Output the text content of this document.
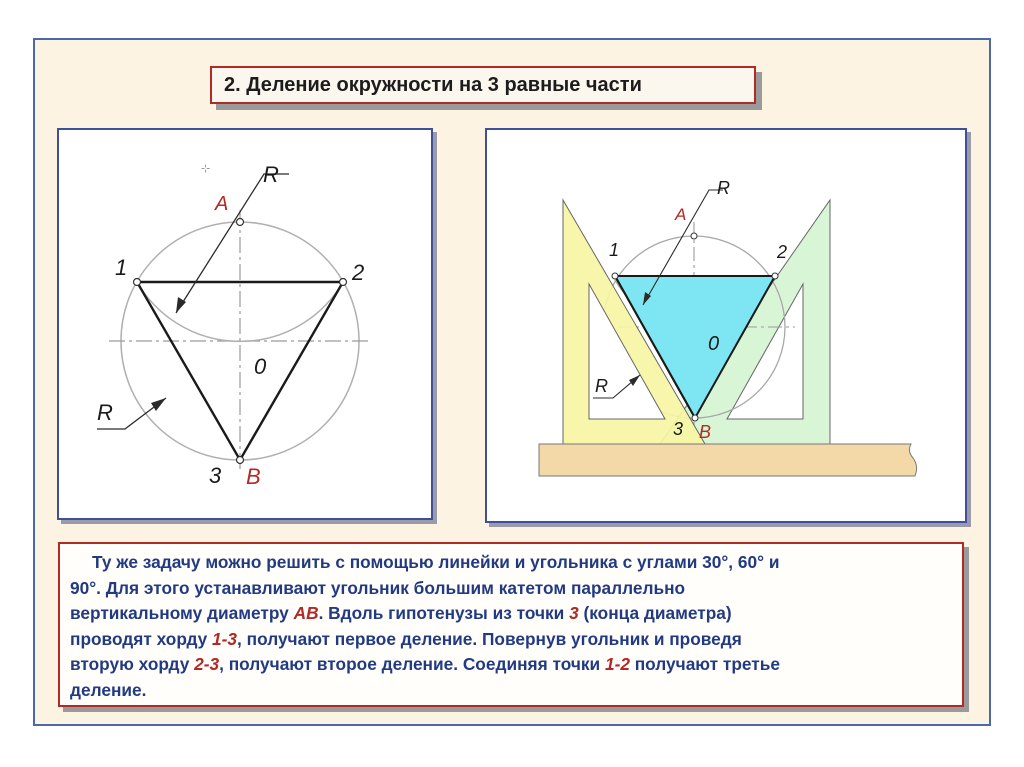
2. Деление окружности на 3 равные части
⊹ R
A
1	2
0
R
3 B
R
A
1	2
0
R
3 B

Ту же задачу можно решить с помощью линейки и угольника с углами 30°, 60° и
90°. Для этого устанавливают угольник большим катетом параллельно
вертикальному диаметру АВ. Вдоль гипотенузы из точки 3 (конца диаметра)
проводят хорду 1-3, получают первое деление. Повернув угольник и проведя
вторую хорду 2-3, получают второе деление. Соединяя точки 1-2 получают третье
деление.
